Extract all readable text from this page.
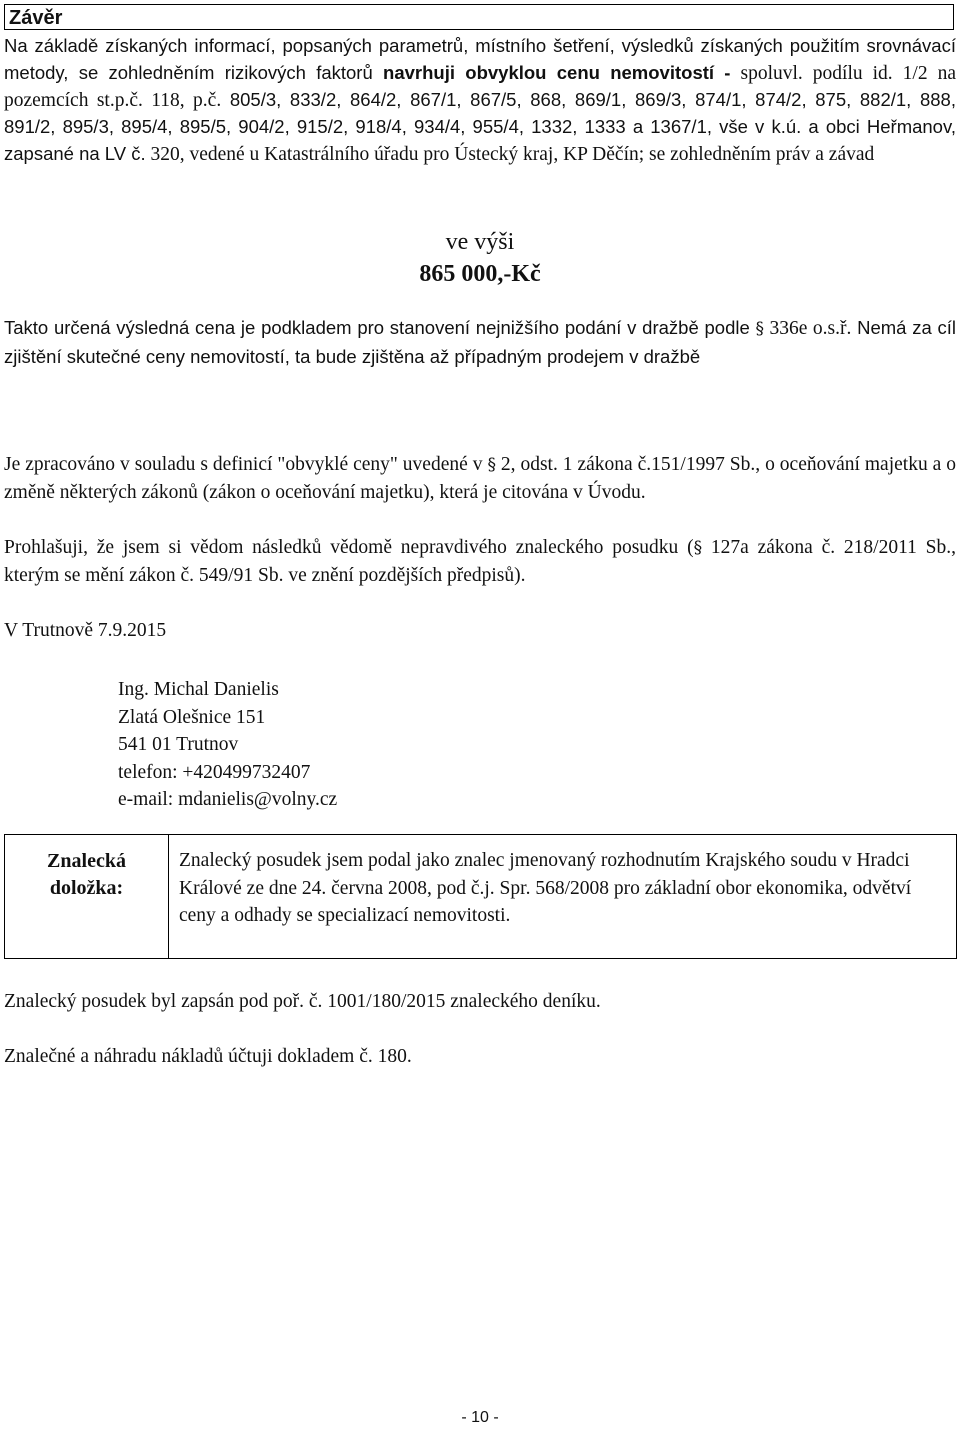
Závěr
Na základě získaných informací, popsaných parametrů, místního šetření, výsledků získaných použitím srovnávací metody, se zohledněním rizikových faktorů navrhuji obvyklou cenu nemovitostí - spoluvl. podílu id. 1/2 na pozemcích st.p.č. 118, p.č. 805/3, 833/2, 864/2, 867/1, 867/5, 868, 869/1, 869/3, 874/1, 874/2, 875, 882/1, 888, 891/2, 895/3, 895/4, 895/5, 904/2, 915/2, 918/4, 934/4, 955/4, 1332, 1333 a 1367/1, vše v k.ú. a obci Heřmanov, zapsané na LV č. 320, vedené u Katastrálního úřadu pro Ústecký kraj, KP Děčín; se zohledněním práv a závad
ve výši
865 000,-Kč
Takto určená výsledná cena je podkladem pro stanovení nejnižšího podání v dražbě podle § 336e o.s.ř. Nemá za cíl zjištění skutečné ceny nemovitostí, ta bude zjištěna až případným prodejem v dražbě
Je zpracováno v souladu s definicí "obvyklé ceny" uvedené v § 2, odst. 1 zákona č.151/1997 Sb., o oceňování majetku a o změně některých zákonů (zákon o oceňování majetku), která je citována v Úvodu.
Prohlašuji, že jsem si vědom následků vědomě nepravdivého znaleckého posudku (§ 127a zákona č. 218/2011 Sb., kterým se mění zákon č. 549/91 Sb. ve znění pozdějších předpisů).
V Trutnově 7.9.2015
Ing. Michal Danielis
Zlatá Olešnice 151
541 01 Trutnov
telefon: +420499732407
e-mail: mdanielis@volny.cz
Znalecká
doložka:
Znalecký posudek jsem podal jako znalec jmenovaný rozhodnutím Krajského soudu v Hradci Králové ze dne 24. června 2008, pod č.j. Spr. 568/2008 pro základní obor ekonomika, odvětví ceny a odhady se specializací nemovitosti.
Znalecký posudek byl zapsán pod poř. č. 1001/180/2015 znaleckého deníku.
Znalečné a náhradu nákladů účtuji dokladem č. 180.
- 10 -
